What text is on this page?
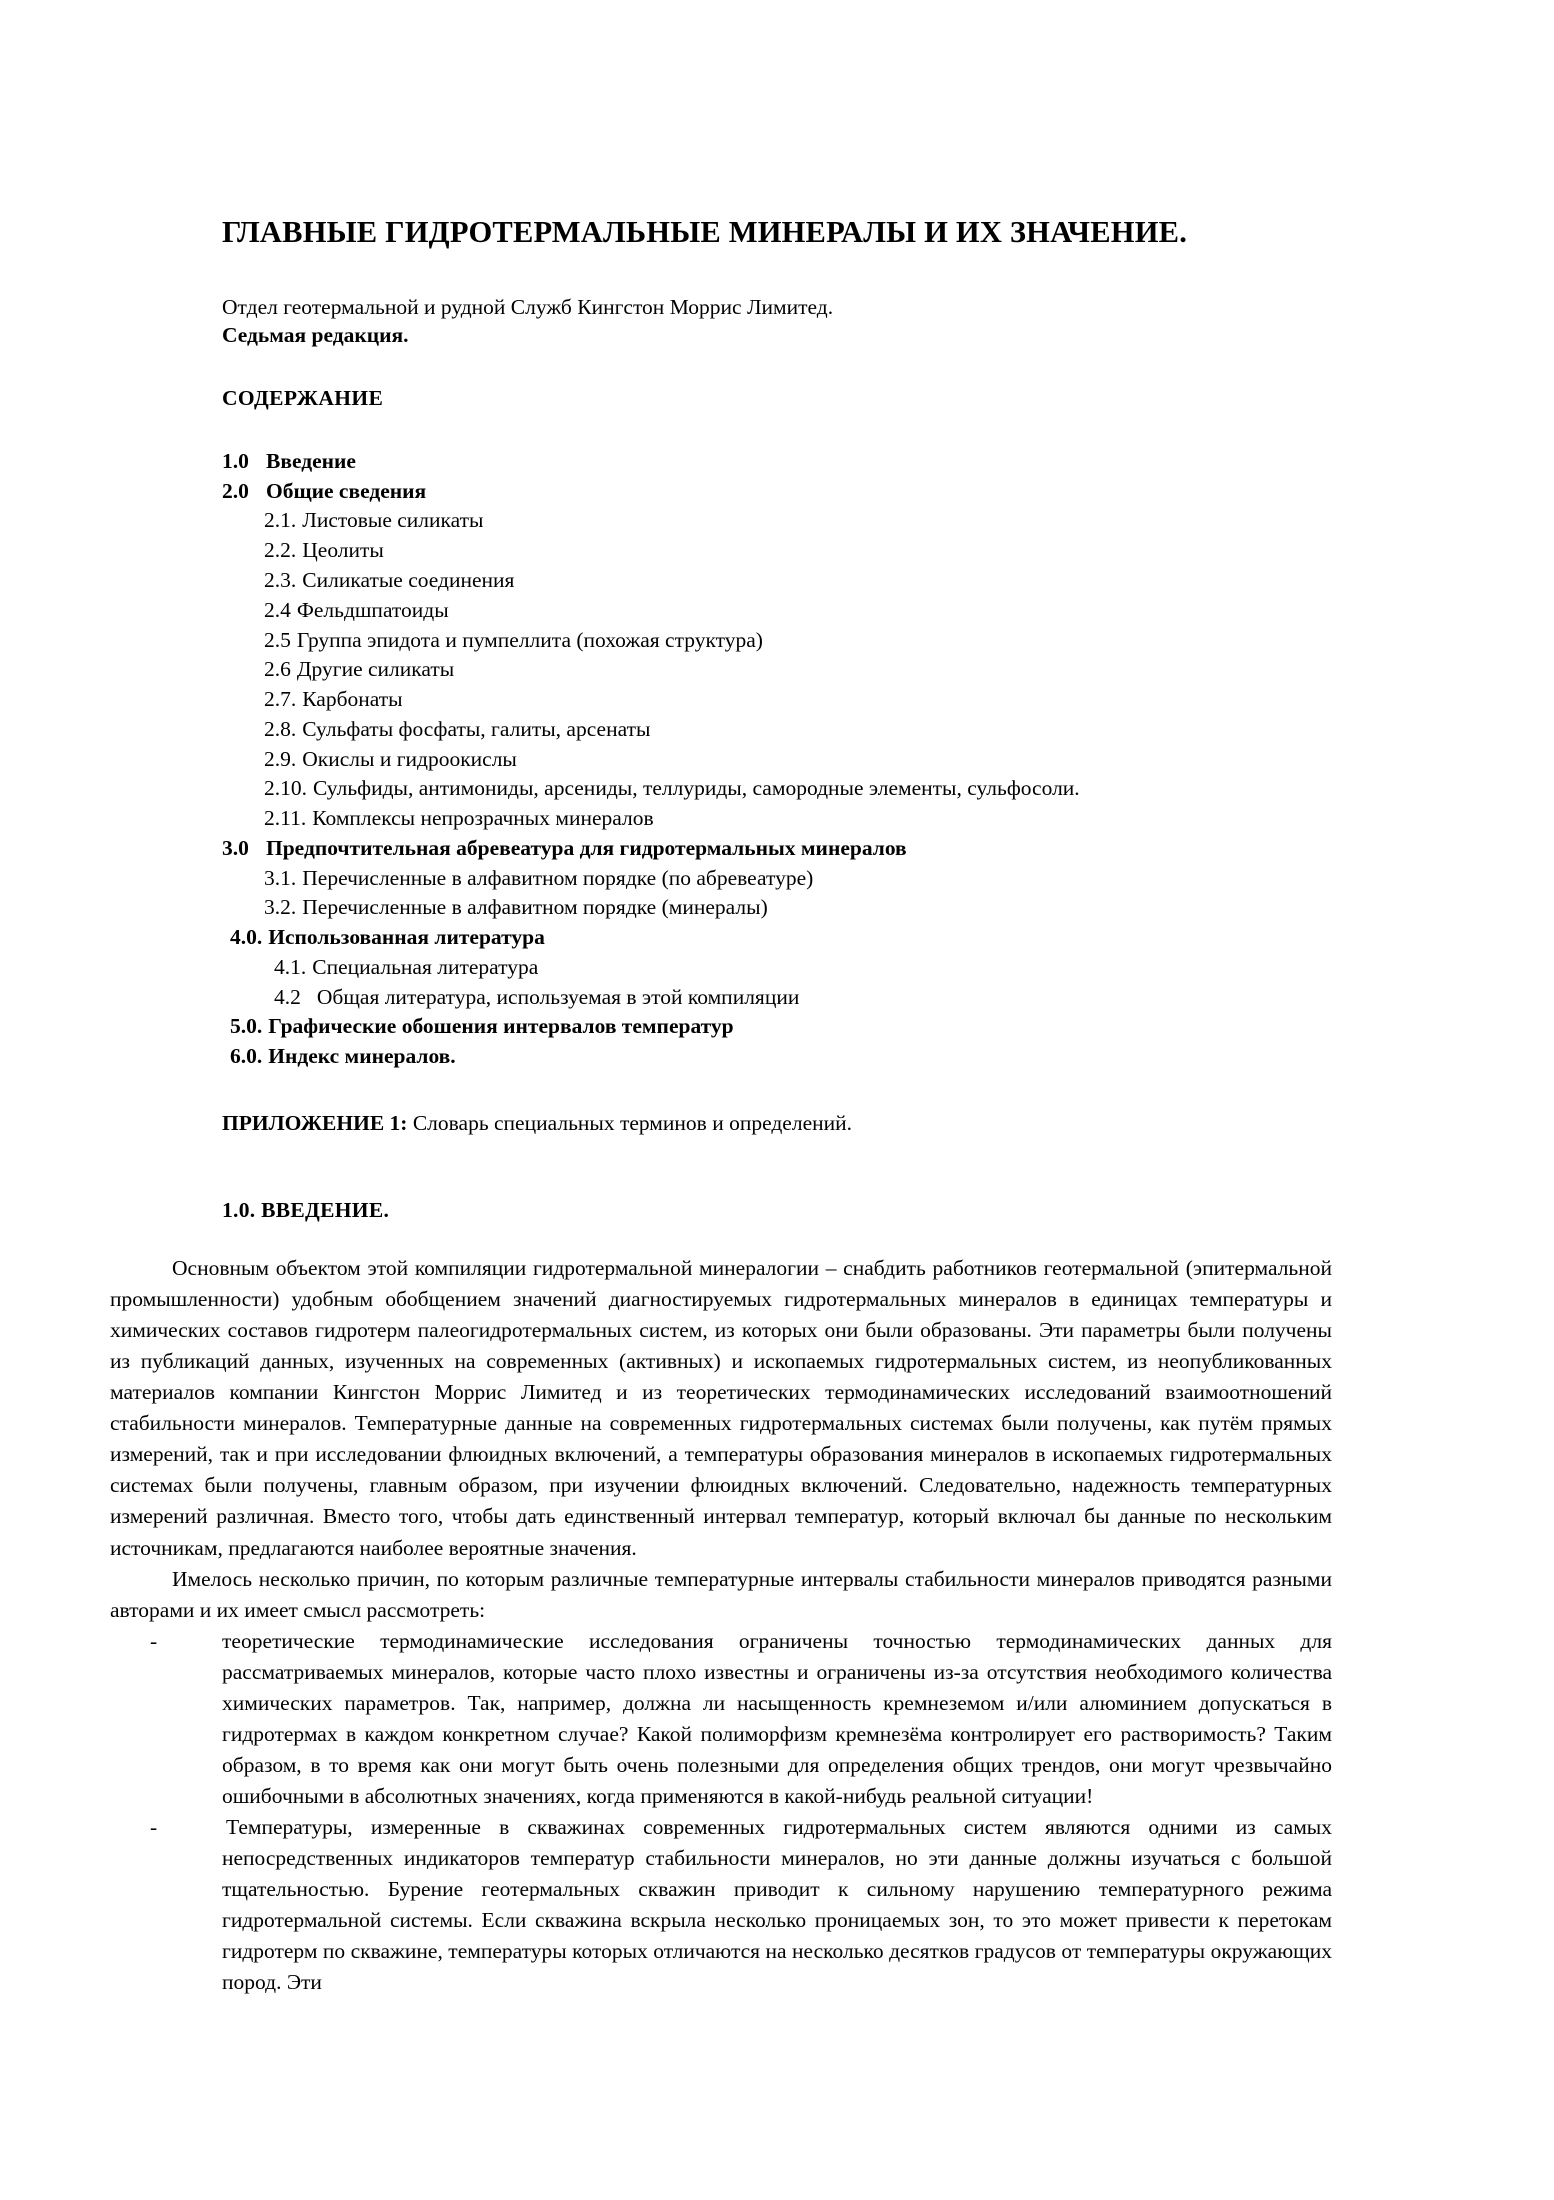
ГЛАВНЫЕ ГИДРОТЕРМАЛЬНЫЕ МИНЕРАЛЫ И ИХ ЗНАЧЕНИЕ.
Отдел геотермальной и рудной Служб Кингстон Моррис Лимитед.
Седьмая редакция.
СОДЕРЖАНИЕ
1.0 Введение
2.0 Общие сведения
2.1. Листовые силикаты
2.2. Цеолиты
2.3. Силикатые соединения
2.4 Фельдшпатоиды
2.5 Группа эпидота и пумпеллита (похожая структура)
2.6 Другие силикаты
2.7. Карбонаты
2.8. Сульфаты фосфаты, галиты, арсенаты
2.9. Окислы и гидроокислы
2.10. Сульфиды, антимониды, арсениды, теллуриды, самородные элементы, сульфосоли.
2.11. Комплексы непрозрачных минералов
3.0 Предпочтительная абревеатура для гидротермальных минералов
3.1. Перечисленные в алфавитном порядке (по абревеатуре)
3.2. Перечисленные в алфавитном порядке (минералы)
4.0. Использованная литература
4.1. Специальная литература
4.2 Общая литература, используемая в этой компиляции
5.0. Графические обошения интервалов температур
6.0. Индекс минералов.
ПРИЛОЖЕНИЕ 1: Словарь специальных терминов и определений.
1.0. ВВЕДЕНИЕ.

Основным объектом этой компиляции гидротермальной минералогии – снабдить работников геотермальной (эпитермальной промышленности) удобным обобщением значений диагностируемых гидротермальных минералов в единицах температуры и химических составов гидротерм палеогидротермальных систем, из которых они были образованы. Эти параметры были получены из публикаций данных, изученных на современных (активных) и ископаемых гидротермальных систем, из неопубликованных материалов компании Кингстон Моррис Лимитед и из теоретических термодинамических исследований взаимоотношений стабильности минералов. Температурные данные на современных гидротермальных системах были получены, как путём прямых измерений, так и при исследовании флюидных включений, а температуры образования минералов в ископаемых гидротермальных системах были получены, главным образом, при изучении флюидных включений. Следовательно, надежность температурных измерений различная. Вместо того, чтобы дать единственный интервал температур, который включал бы данные по нескольким источникам, предлагаются наиболее вероятные значения.

Имелось несколько причин, по которым различные температурные интервалы стабильности минералов приводятся разными авторами и их имеет смысл рассмотреть:

-	теоретические термодинамические исследования ограничены точностью термодинамических данных для рассматриваемых минералов, которые часто плохо известны и ограничены из-за отсутствия необходимого количества химических параметров. Так, например, должна ли насыщенность кремнеземом и/или алюминием допускаться в гидротермах в каждом конкретном случае? Какой полиморфизм кремнезёма контролирует его растворимость? Таким образом, в то время как они могут быть очень полезными для определения общих трендов, они могут чрезвычайно ошибочными в абсолютных значениях, когда применяются в какой-нибудь реальной ситуации!
-	Температуры, измеренные в скважинах современных гидротермальных систем являются одними из самых непосредственных индикаторов температур стабильности минералов, но эти данные должны изучаться с большой тщательностью. Бурение геотермальных скважин приводит к сильному нарушению температурного режима гидротермальной системы. Если скважина вскрыла несколько проницаемых зон, то это может привести к перетокам гидротерм по скважине, температуры которых отличаются на несколько десятков градусов от температуры окружающих пород. Эти
